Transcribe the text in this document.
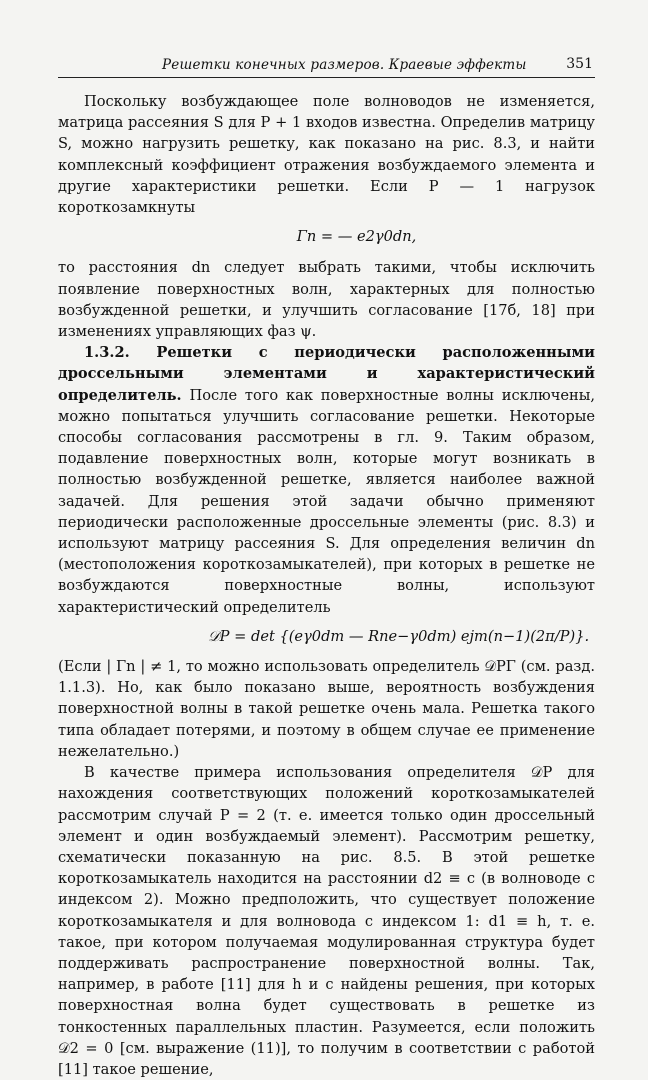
Решетки конечных размеров. Краевые эффекты	351

Поскольку возбуждающее поле волноводов не изменяется, матрица рассеяния S для P + 1 входов известна. Определив матрицу S, можно нагрузить решетку, как показано на рис. 8.3, и найти комплексный коэффициент отражения возбуждаемого элемента и другие характеристики решетки. Если P — 1 нагрузок короткозамкнуты

Γn = — e2γ0dn,

то расстояния dn следует выбрать такими, чтобы исключить появление поверхностных волн, характерных для полностью возбужденной решетки, и улучшить согласование [17б, 18] при изменениях управляющих фаз ψ.

1.3.2. Решетки с периодически расположенными дроссельными элементами и характеристический определитель. После того как поверхностные волны исключены, можно попытаться улучшить согласование решетки. Некоторые способы согласования рассмотрены в гл. 9. Таким образом, подавление поверхностных волн, которые могут возникать в полностью возбужденной решетке, является наиболее важной задачей. Для решения этой задачи обычно применяют периодически расположенные дроссельные элементы (рис. 8.3) и используют матрицу рассеяния S. Для определения величин dn (местоположения короткозамыкателей), при которых в решетке не возбуждаются поверхностные волны, используют характеристический определитель

𝒟P = det {(eγ0dm — Rne−γ0dm) ejm(n−1)(2π/P)}.

(Если | Γn | ≠ 1, то можно использовать определитель 𝒟PΓ (см. разд. 1.1.3). Но, как было показано выше, вероятность возбуждения поверхностной волны в такой решетке очень мала. Решетка такого типа обладает потерями, и поэтому в общем случае ее применение нежелательно.)

В качестве примера использования определителя 𝒟P для нахождения соответствующих положений короткозамыкателей рассмотрим случай P = 2 (т. е. имеется только один дроссельный элемент и один возбуждаемый элемент). Рассмотрим решетку, схематически показанную на рис. 8.5. В этой решетке короткозамыкатель находится на расстоянии d2 ≡ c (в волноводе с индексом 2). Можно предположить, что существует положение короткозамыкателя и для волновода с индексом 1: d1 ≡ h, т. е. такое, при котором получаемая модулированная структура будет поддерживать распространение поверхностной волны. Так, например, в работе [11] для h и c найдены решения, при которых поверхностная волна будет существовать в решетке из тонкостенных параллельных пластин. Разумеется, если положить 𝒟2 = 0 [см. выражение (11)], то получим в соответствии с работой [11] такое решение,
